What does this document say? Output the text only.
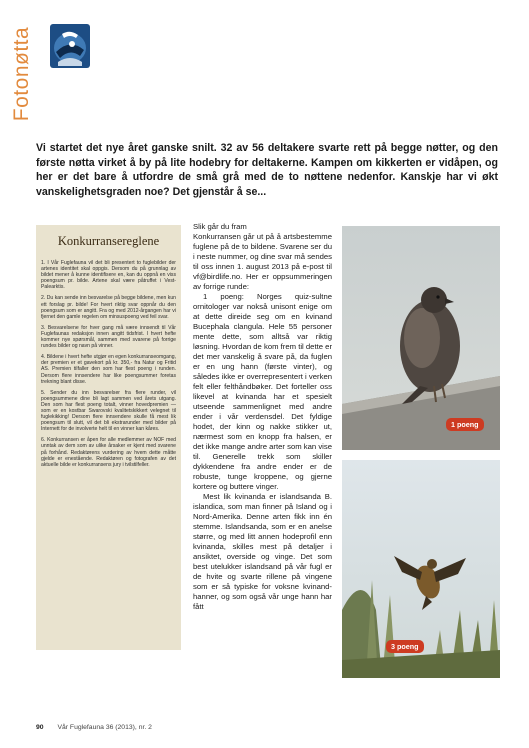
Fotonøtta

Vi startet det nye året ganske snilt. 32 av 56 deltakere svarte rett på begge nøtter, og den første nøtta virket å by på lite hodebry for deltakerne. Kampen om kikkerten er vidåpen, og her er det bare å utfordre de små grå med de to nøttene nedenfor. Kanskje har vi økt vanskelighetsgraden noe? Det gjenstår å se...

Konkurransereglene

1. I Vår Fuglefauna vil det bli presentert to fuglebilder der artenes identitet skal oppgis. Dersom du på grunnlag av bildet mener å kunne identifisere en, kan du oppnå en viss poengsum pr. bilde. Artene skal være påtruffet i Vest-Palearktis.

2. Du kan sende inn besvarelse på begge bildene, men kun ett forslag pr. bilde! For hvert riktig svar oppnår du den poengsum som er angitt. Fra og med 2012-årgangen har vi fjernet den gamle regelen om minsuspoeng ved feil svar.

3. Besvarelsene for hver gang må være innsendt til Vår Fuglefaunas redaksjon innen angitt tidsfrist. I hvert hefte kommer nye spørsmål, sammen med svarene på forrige rundes bilder og navn på vinner.

4. Bildene i hvert hefte utgjør en egen konkurranseomgang, der premien er et gavekort på kr. 350,- fra Natur og Fritid AS. Premien tilfaller den som har flest poeng i runden. Dersom flere innsendere har like poengsummer foretas trekning blant disse.

5. Sender du inn besvarelser fra flere runder, vil poengsummene dine bli lagt sammen ved årets utgang. Den som har flest poeng totalt, vinner hovedpremien — som er en kostbar Swarovski kvalitetskikkert velegnet til fuglekikking! Dersom flere innsendere skulle få mest lik poengsum til slutt, vil det bli ekstrarunder med bilder på Internett for de involverte helt til en vinner kan kåres.

6. Konkurransen er åpen for alle medlemmer av NOF med unntak av dem som av ulike årsaker er kjent med svarene på forhånd. Redaktørens vurdering av hvem dette måtte gjelde er enestående. Redaktøren og fotografen av det aktuelle bilde er konkurransens jury i tvilstilfeller.

Slik går du fram

Konkurransen går ut på å artsbestemme fuglene på de to bildene. Svarene ser du i neste nummer, og dine svar må sendes til oss innen 1. august 2013 på e-post til vf@birdlife.no. Her er oppsummeringen av forrige runde:

1 poeng: Norges quiz-sultne ornitologer var nokså unisont enige om at dette direide seg om en kvinand Bucephala clangula. Hele 55 personer mente dette, som alltså var riktig løsning. Hvordan de kom frem til dette er det mer vanskelig å svare på, da fuglen er en ung hann (første vinter), og således ikke er overrepresentert i verken felt eller felthåndbøker. Det forteller oss likevel at kvinanda har et spesielt utseende sammenlignet med andre ender i vår verdensdel. Det fyldige hodet, der kinn og nakke stikker ut, nærmest som en knopp fra halsen, er det ikke mange andre arter som kan vise til. Generelle trekk som skiller dykkendene fra andre ender er de robuste, tunge kroppene, og gjerne kortere og buttere vinger.

Mest lik kvinanda er islandsanda B. islandica, som man finner på Island og i Nord-Amerika. Denne arten fikk inn én stemme. Islandsanda, som er en anelse større, og med litt annen hodeprofil enn kvinanda, skilles mest på detaljer i ansiktet, overside og vinge. Det som best utelukker islandsand på vår fugl er de hvite og svarte rillene på vingene som er så typiske for voksne kvinand-hanner, og som også vår unge hann har fått

1 poeng
3 poeng
90 Vår Fuglefauna 36 (2013), nr. 2
